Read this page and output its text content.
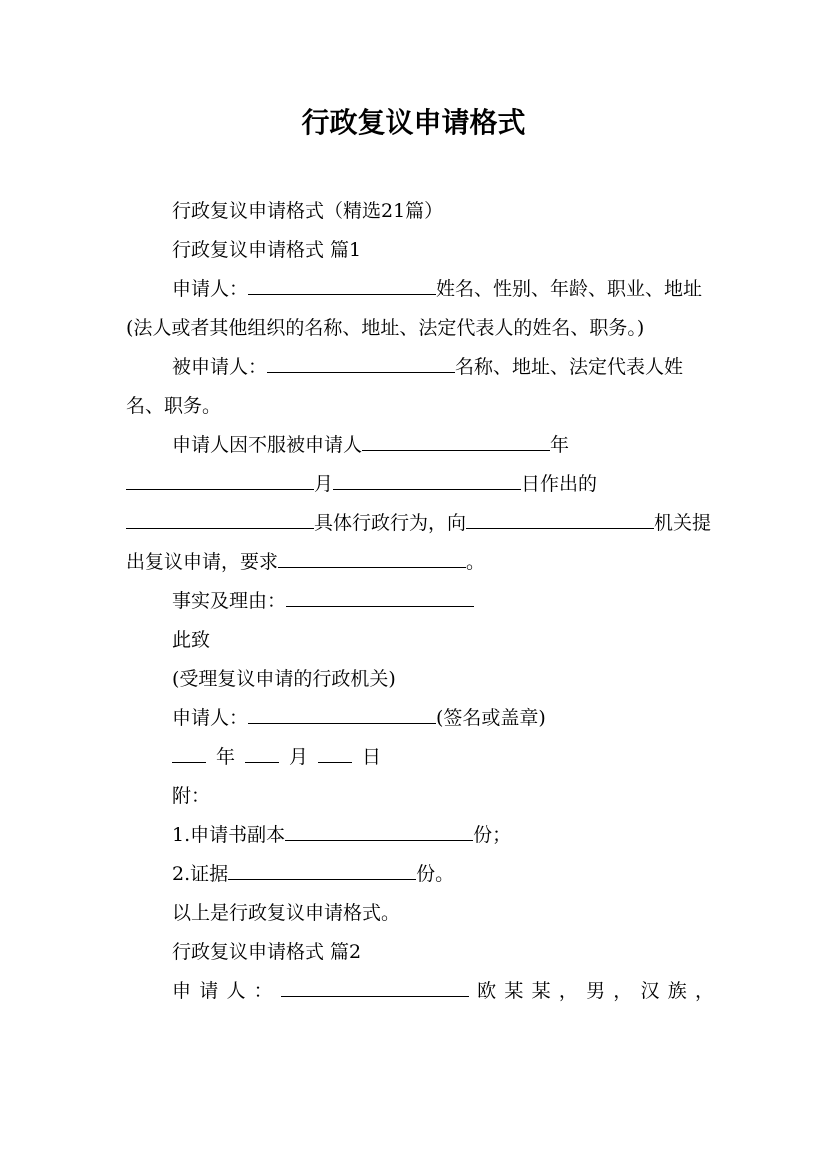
行政复议申请格式

行政复议申请格式（精选21篇）

行政复议申请格式 篇1

申请人：	姓名、性别、年龄、职业、地址(法人或者其他组织的名称、地址、法定代表人的姓名、职务。)

被申请人：	名称、地址、法定代表人姓名、职务。

申请人因不服被申请人	年月	日作出的具体行政行为，向	机关提出复议申请，要求	。

事实及理由：

此致

(受理复议申请的行政机关)

申请人：	(签名或盖章)

年	月	日

附：

1.申请书副本	份；

2.证据	份。

以上是行政复议申请格式。

行政复议申请格式 篇2

申请人：	欧某某，男，汉族，
